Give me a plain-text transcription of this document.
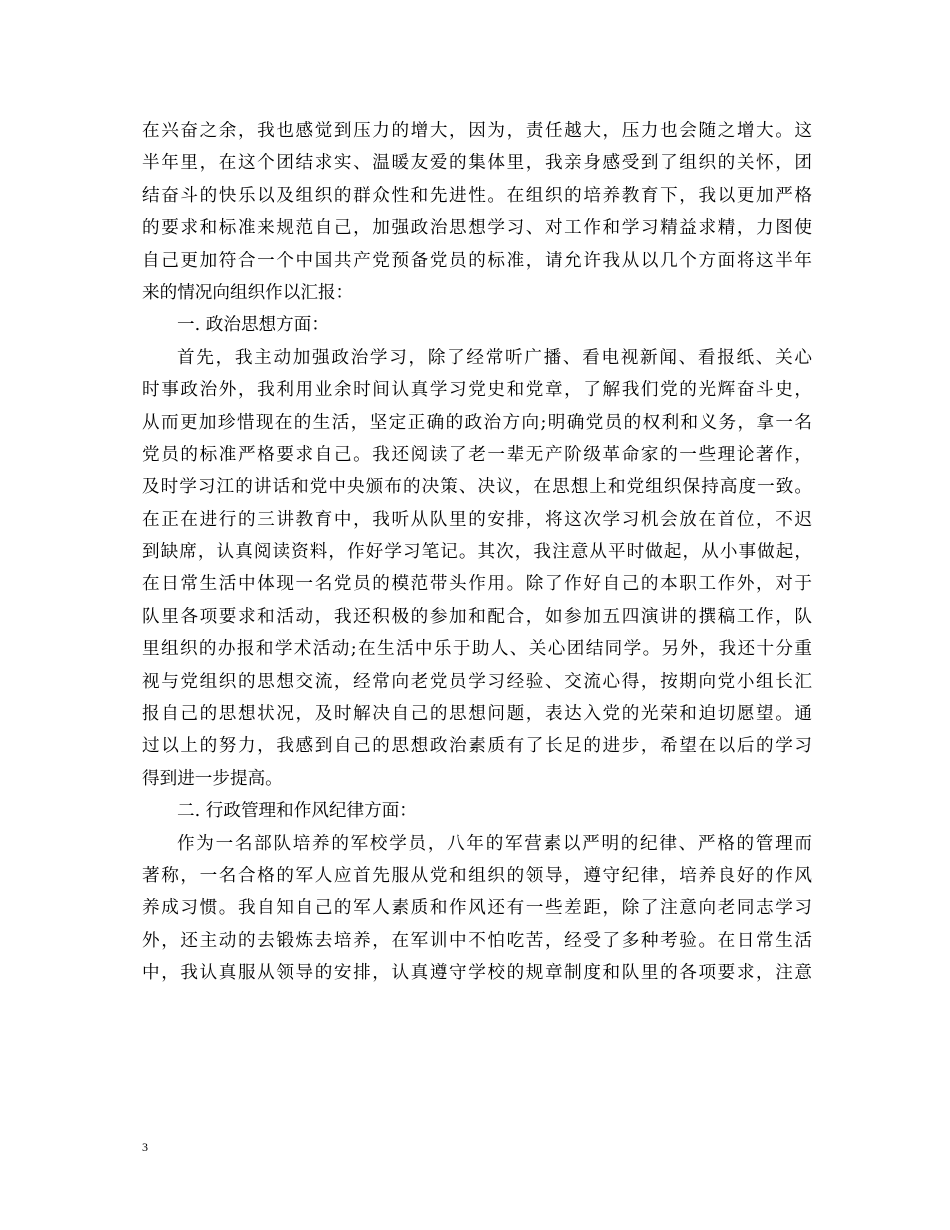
在兴奋之余，我也感觉到压力的增大，因为，责任越大，压力也会随之增大。这
半年里，在这个团结求实、温暖友爱的集体里，我亲身感受到了组织的关怀，团
结奋斗的快乐以及组织的群众性和先进性。在组织的培养教育下，我以更加严格
的要求和标准来规范自己，加强政治思想学习、对工作和学习精益求精，力图使
自己更加符合一个中国共产党预备党员的标准，请允许我从以几个方面将这半年
来的情况向组织作以汇报：
一. 政治思想方面：
首先，我主动加强政治学习，除了经常听广播、看电视新闻、看报纸、关心
时事政治外，我利用业余时间认真学习党史和党章，了解我们党的光辉奋斗史，
从而更加珍惜现在的生活，坚定正确的政治方向;明确党员的权利和义务，拿一名
党员的标准严格要求自己。我还阅读了老一辈无产阶级革命家的一些理论著作，
及时学习江的讲话和党中央颁布的决策、决议，在思想上和党组织保持高度一致。
在正在进行的三讲教育中，我听从队里的安排，将这次学习机会放在首位，不迟
到缺席，认真阅读资料，作好学习笔记。其次，我注意从平时做起，从小事做起，
在日常生活中体现一名党员的模范带头作用。除了作好自己的本职工作外，对于
队里各项要求和活动，我还积极的参加和配合，如参加五四演讲的撰稿工作，队
里组织的办报和学术活动;在生活中乐于助人、关心团结同学。另外，我还十分重
视与党组织的思想交流，经常向老党员学习经验、交流心得，按期向党小组长汇
报自己的思想状况，及时解决自己的思想问题，表达入党的光荣和迫切愿望。通
过以上的努力，我感到自己的思想政治素质有了长足的进步，希望在以后的学习
得到进一步提高。
二. 行政管理和作风纪律方面：
作为一名部队培养的军校学员，八年的军营素以严明的纪律、严格的管理而
著称，一名合格的军人应首先服从党和组织的领导，遵守纪律，培养良好的作风
养成习惯。我自知自己的军人素质和作风还有一些差距，除了注意向老同志学习
外，还主动的去锻炼去培养，在军训中不怕吃苦，经受了多种考验。在日常生活
中，我认真服从领导的安排，认真遵守学校的规章制度和队里的各项要求，注意
3
